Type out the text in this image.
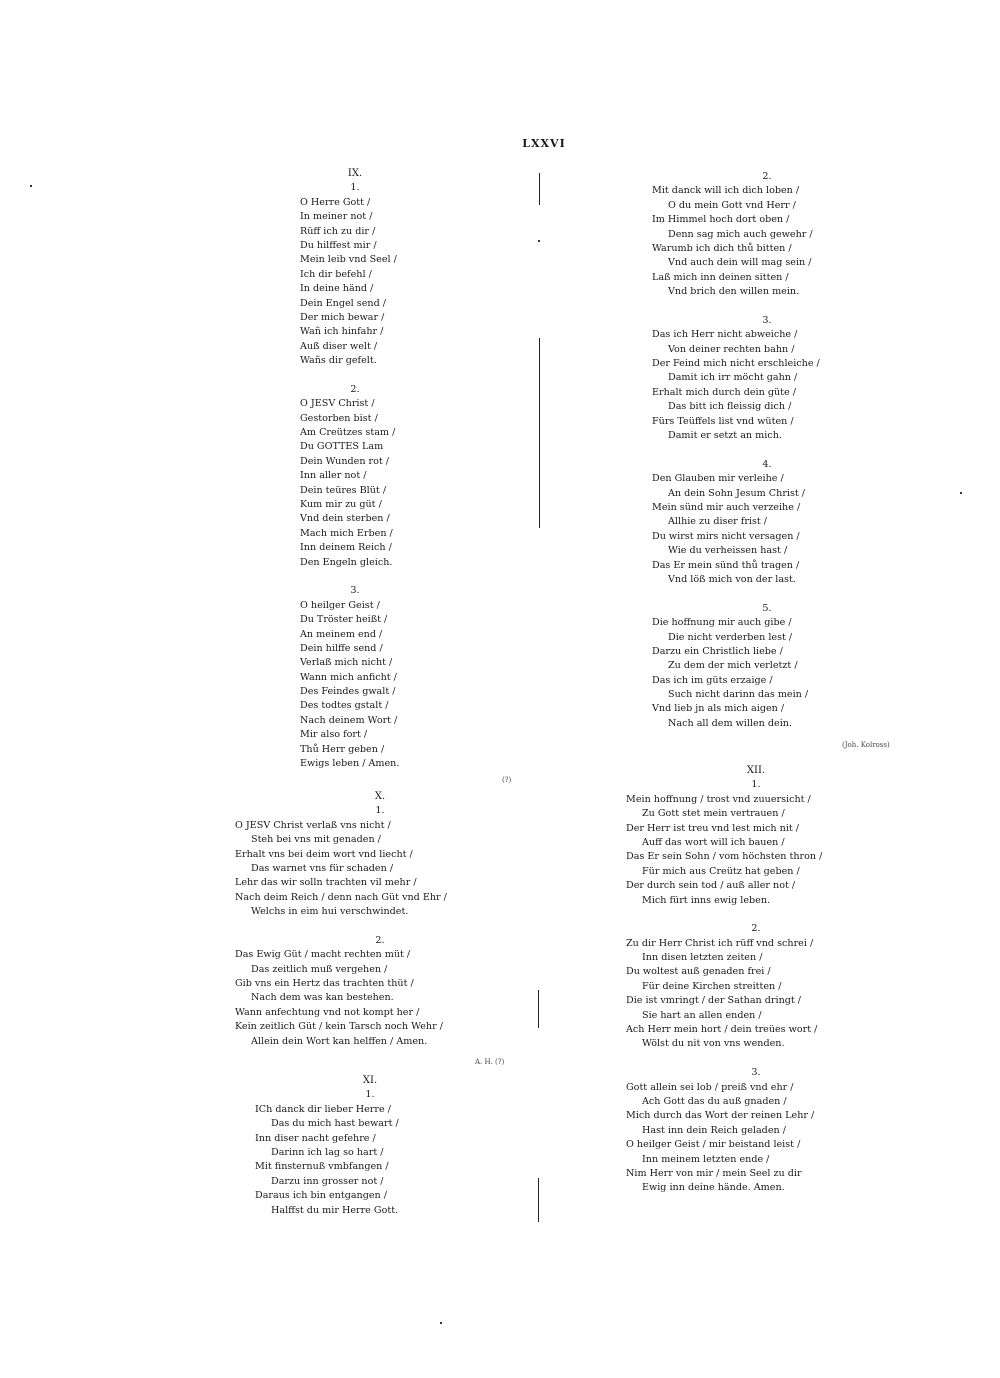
LXXVI
IX.
1.
O Herre Gott /
In meiner not /
Rüff ich zu dir /
Du hilffest mir /
Mein leib vnd Seel /
Ich dir befehl /
In deine händ /
Dein Engel send /
Der mich bewar /
Wañ ich hinfahr /
Auß diser welt /
Wañs dir gefelt.
2.
O JESV Christ /
Gestorben bist /
Am Creützes stam /
Du GOTTES Lam
Dein Wunden rot /
Inn aller not /
Dein teüres Blüt /
Kum mir zu güt /
Vnd dein sterben /
Mach mich Erben /
Inn deinem Reich /
Den Engeln gleich.
3.
O heilger Geist /
Du Tröster heißt /
An meinem end /
Dein hilffe send /
Verlaß mich nicht /
Wann mich anficht /
Des Feindes gwalt /
Des todtes gstalt /
Nach deinem Wort /
Mir also fort /
Thů Herr geben /
Ewigs leben / Amen.
X.
1.
O JESV Christ verlaß vns nicht /
Steh bei vns mit genaden /
Erhalt vns bei deim wort vnd liecht /
Das warnet vns für schaden /
Lehr das wir solln trachten vil mehr /
Nach deim Reich / denn nach Güt vnd Ehr /
Welchs in eim hui verschwindet.
2.
Das Ewig Güt / macht rechten müt /
Das zeitlich muß vergehen /
Gib vns ein Hertz das trachten thüt /
Nach dem was kan bestehen.
Wann anfechtung vnd not kompt her /
Kein zeitlich Güt / kein Tarsch noch Wehr /
Allein dein Wort kan helffen / Amen.
XI.
1.
ICh danck dir lieber Herre /
Das du mich hast bewart /
Inn diser nacht gefehre /
Darinn ich lag so hart /
Mit finsternuß vmbfangen /
Darzu inn grosser not /
Daraus ich bin entgangen /
Halffst du mir Herre Gott.
2.
Mit danck will ich dich loben /
O du mein Gott vnd Herr /
Im Himmel hoch dort oben /
Denn sag mich auch gewehr /
Warumb ich dich thů bitten /
Vnd auch dein will mag sein /
Laß mich inn deinen sitten /
Vnd brich den willen mein.
3.
Das ich Herr nicht abweiche /
Von deiner rechten bahn /
Der Feind mich nicht erschleiche /
Damit ich irr möcht gahn /
Erhalt mich durch dein güte /
Das bitt ich fleissig dich /
Fürs Teüffels list vnd wüten /
Damit er setzt an mich.
4.
Den Glauben mir verleihe /
An dein Sohn Jesum Christ /
Mein sünd mir auch verzeihe /
Allhie zu diser frist /
Du wirst mirs nicht versagen /
Wie du verheissen hast /
Das Er mein sünd thů tragen /
Vnd löß mich von der last.
5.
Die hoffnung mir auch gibe /
Die nicht verderben lest /
Darzu ein Christlich liebe /
Zu dem der mich verletzt /
Das ich im güts erzaige /
Such nicht darinn das mein /
Vnd lieb jn als mich aigen /
Nach all dem willen dein.
XII.
1.
Mein hoffnung / trost vnd zuuersicht /
Zu Gott stet mein vertrauen /
Der Herr ist treu vnd lest mich nit /
Auff das wort will ich bauen /
Das Er sein Sohn / vom höchsten thron /
Für mich aus Creütz hat geben /
Der durch sein tod / auß aller not /
Mich fürt inns ewig leben.
2.
Zu dir Herr Christ ich rüff vnd schrei /
Inn disen letzten zeiten /
Du woltest auß genaden frei /
Für deine Kirchen streitten /
Die ist vmringt / der Sathan dringt /
Sie hart an allen enden /
Ach Herr mein hort / dein treües wort /
Wölst du nit von vns wenden.
3.
Gott allein sei lob / preiß vnd ehr /
Ach Gott das du auß gnaden /
Mich durch das Wort der reinen Lehr /
Hast inn dein Reich geladen /
O heilger Geist / mir beistand leist /
Inn meinem letzten ende /
Nim Herr von mir / mein Seel zu dir
Ewig inn deine hände. Amen.
(?)
A. H. (?)
(Joh. Kolross)
